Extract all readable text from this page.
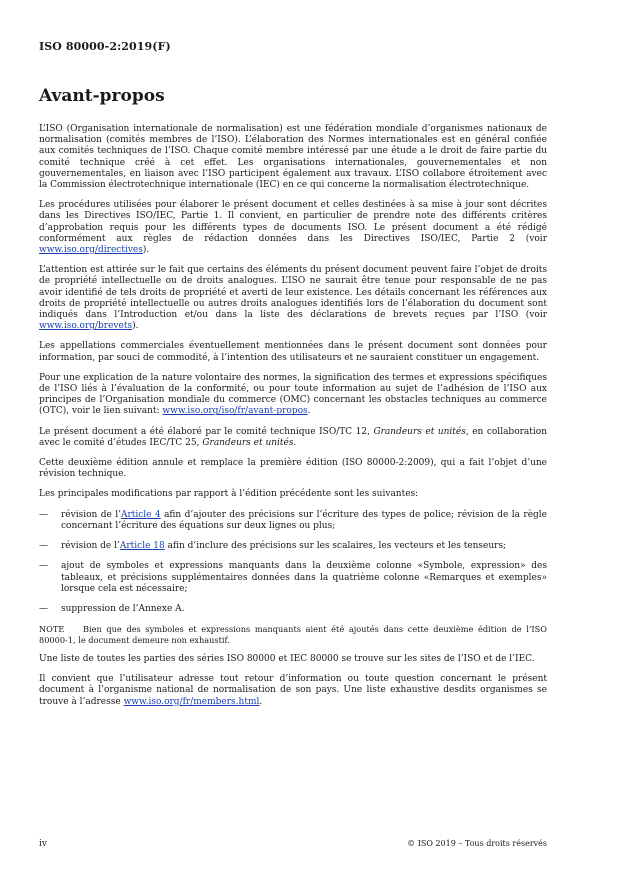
ISO 80000-2:2019(F)
Avant-propos

L’ISO (Organisation internationale de normalisation) est une fédération mondiale d’organismes nationaux de normalisation (comités membres de l’ISO). L’élaboration des Normes internationales est en général confiée aux comités techniques de l’ISO. Chaque comité membre intéressé par une étude a le droit de faire partie du comité technique créé à cet effet. Les organisations internationales, gouvernementales et non gouvernementales, en liaison avec l’ISO participent également aux travaux. L’ISO collabore étroitement avec la Commission électrotechnique internationale (IEC) en ce qui concerne la normalisation électrotechnique.

Les procédures utilisées pour élaborer le présent document et celles destinées à sa mise à jour sont décrites dans les Directives ISO/IEC, Partie 1. Il convient, en particulier de prendre note des différents critères d’approbation requis pour les différents types de documents ISO. Le présent document a été rédigé conformément aux règles de rédaction données dans les Directives ISO/IEC, Partie 2 (voir www.iso.org/directives).

L’attention est attirée sur le fait que certains des éléments du présent document peuvent faire l’objet de droits de propriété intellectuelle ou de droits analogues. L’ISO ne saurait être tenue pour responsable de ne pas avoir identifié de tels droits de propriété et averti de leur existence. Les détails concernant les références aux droits de propriété intellectuelle ou autres droits analogues identifiés lors de l’élaboration du document sont indiqués dans l’Introduction et/ou dans la liste des déclarations de brevets reçues par l’ISO (voir www.iso.org/brevets).

Les appellations commerciales éventuellement mentionnées dans le présent document sont données pour information, par souci de commodité, à l’intention des utilisateurs et ne sauraient constituer un engagement.

Pour une explication de la nature volontaire des normes, la signification des termes et expressions spécifiques de l’ISO liés à l’évaluation de la conformité, ou pour toute information au sujet de l’adhésion de l’ISO aux principes de l’Organisation mondiale du commerce (OMC) concernant les obstacles techniques au commerce (OTC), voir le lien suivant: www.iso.org/iso/fr/avant-propos.

Le présent document a été élaboré par le comité technique ISO/TC 12, Grandeurs et unités, en collaboration avec le comité d’études IEC/TC 25, Grandeurs et unités.

Cette deuxième édition annule et remplace la première édition (ISO 80000-2:2009), qui a fait l’objet d’une révision technique.

Les principales modifications par rapport à l’édition précédente sont les suivantes:

— révision de l’Article 4 afin d’ajouter des précisions sur l’écriture des types de police; révision de la règle concernant l’écriture des équations sur deux lignes ou plus;
— révision de l’Article 18 afin d’inclure des précisions sur les scalaires, les vecteurs et les tenseurs;
— ajout de symboles et expressions manquants dans la deuxième colonne «Symbole, expression» des tableaux, et précisions supplémentaires données dans la quatrième colonne «Remarques et exemples» lorsque cela est nécessaire;
— suppression de l’Annexe A.

NOTE Bien que des symboles et expressions manquants aient été ajoutés dans cette deuxième édition de l’ISO 80000-1, le document demeure non exhaustif.

Une liste de toutes les parties des séries ISO 80000 et IEC 80000 se trouve sur les sites de l’ISO et de l’IEC.

Il convient que l’utilisateur adresse tout retour d’information ou toute question concernant le présent document à l’organisme national de normalisation de son pays. Une liste exhaustive desdits organismes se trouve à l’adresse www.iso.org/fr/members.html.

iv	© ISO 2019 – Tous droits réservés
